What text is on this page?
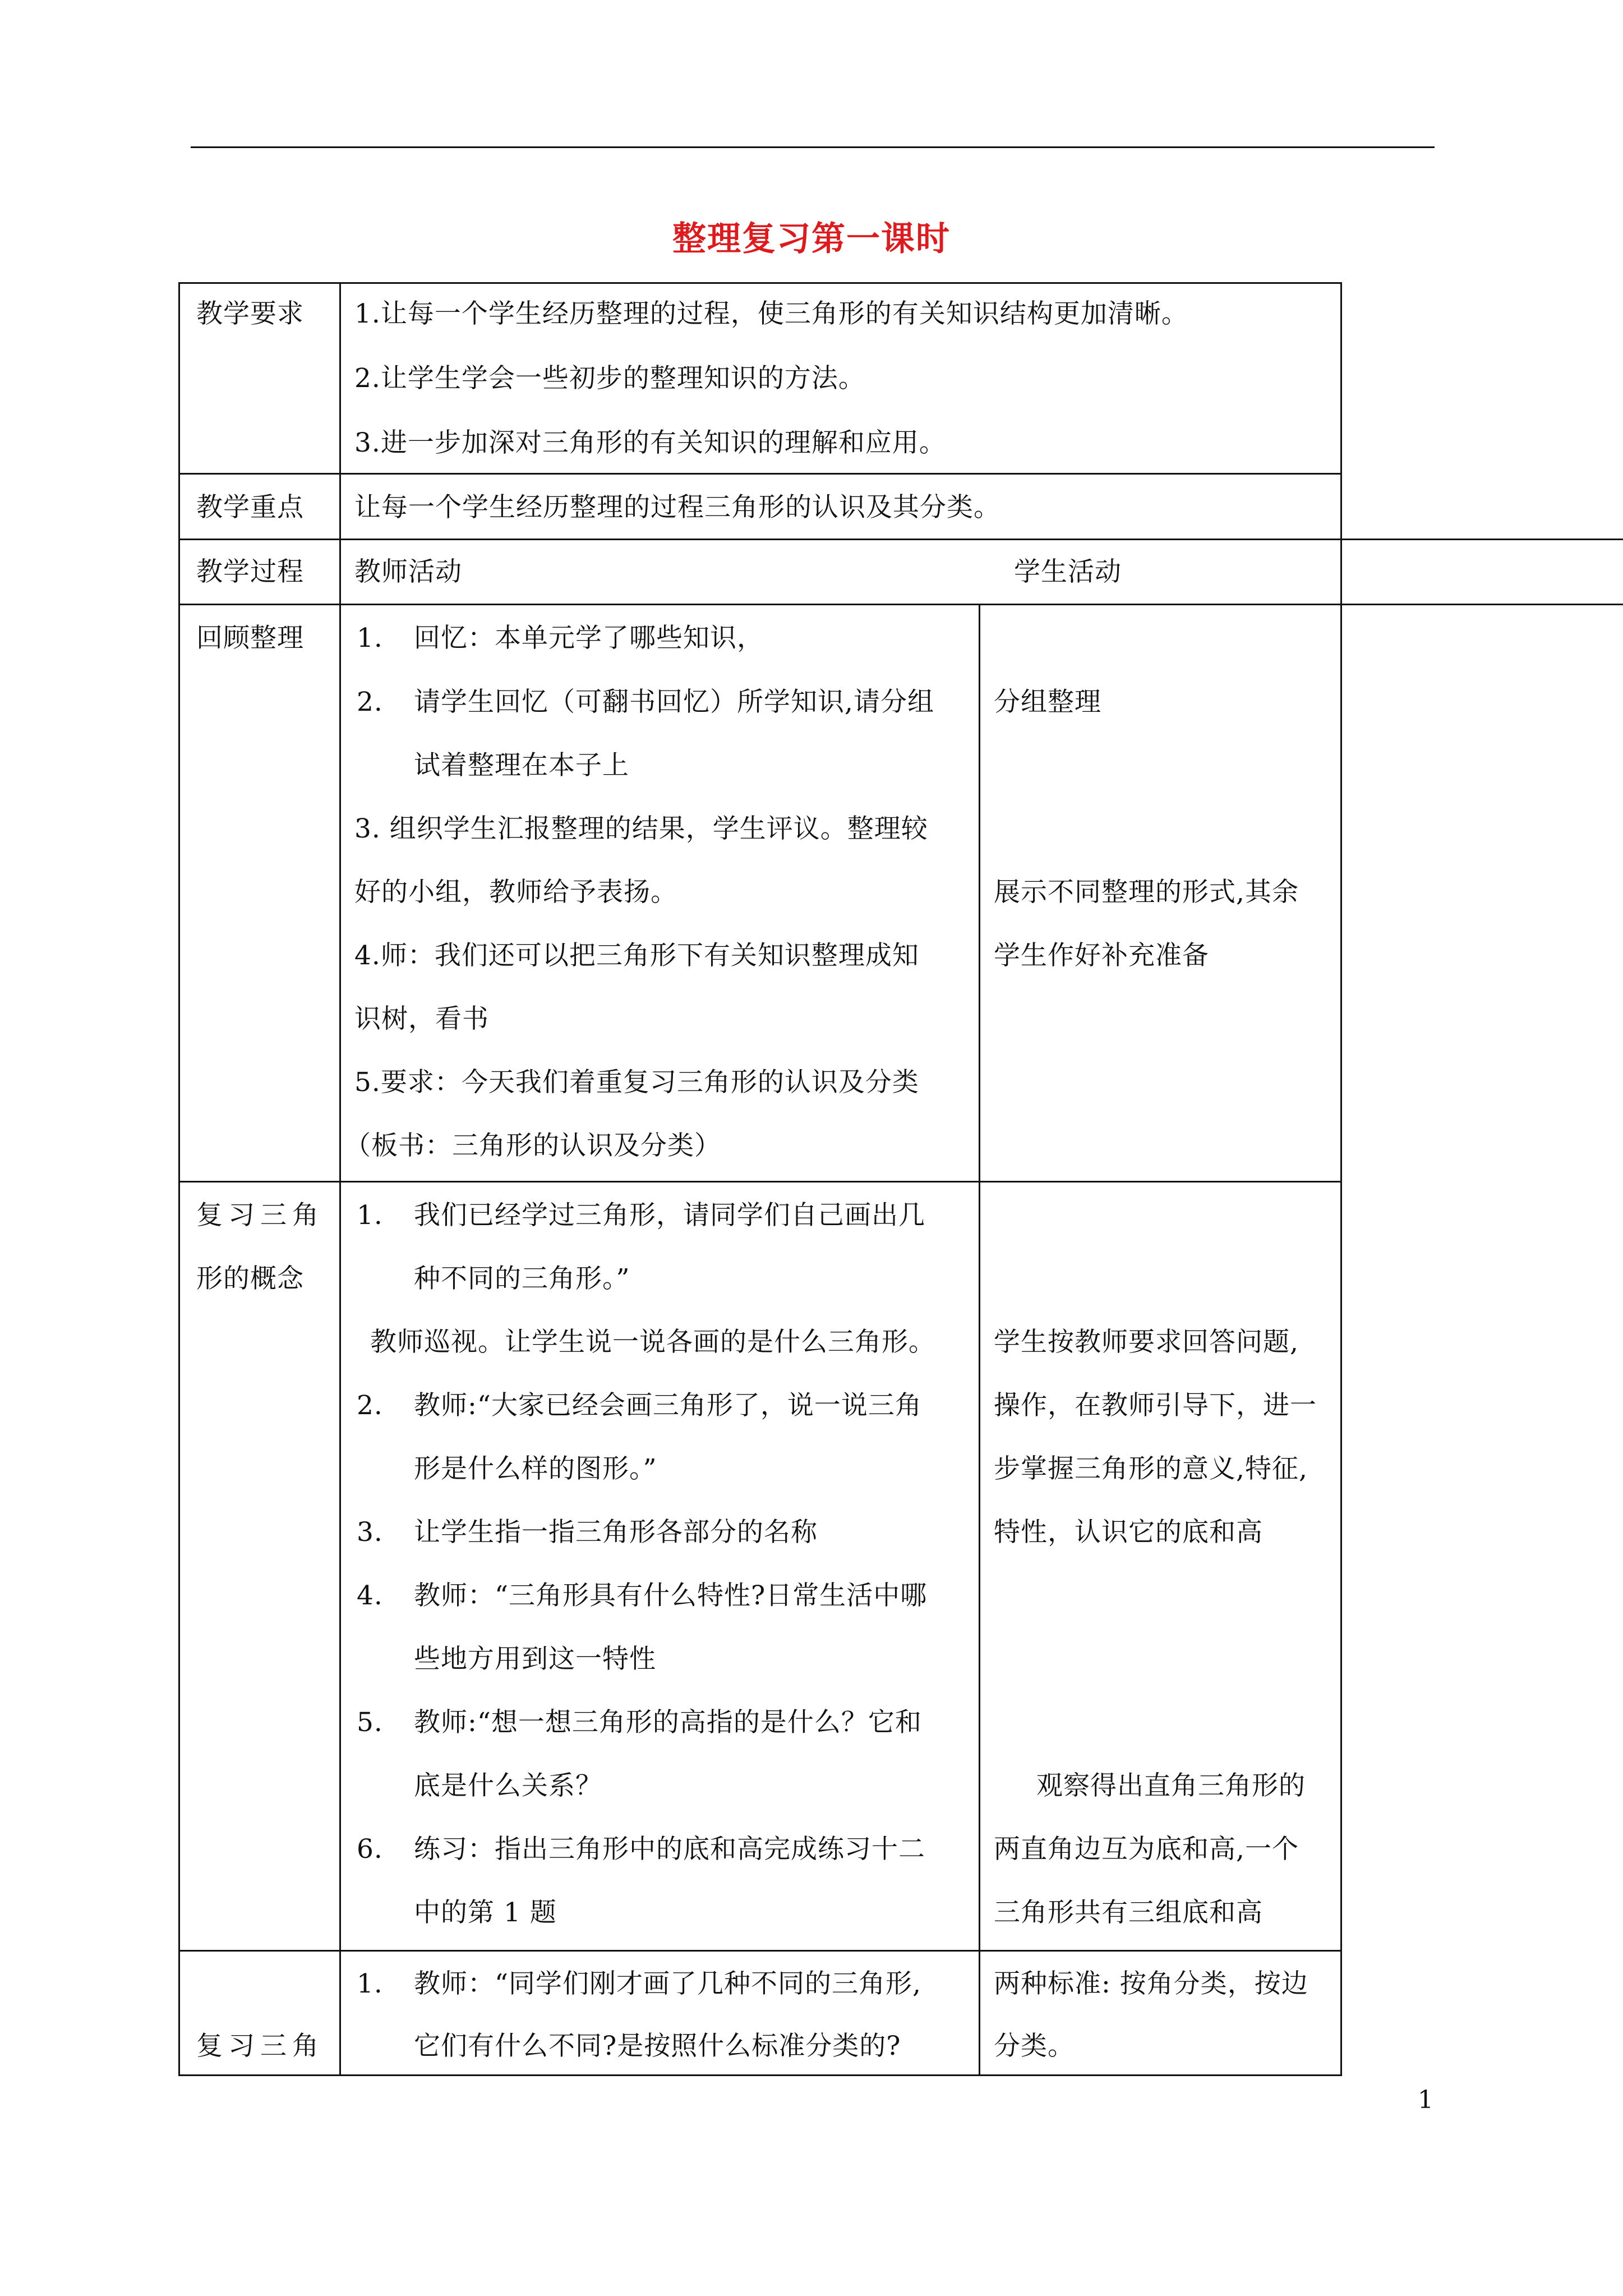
整理复习第一课时
教学要求 1.让每一个学生经历整理的过程，使三角形的有关知识结构更加清晰。
2.让学生学会一些初步的整理知识的方法。
3.进一步加深对三角形的有关知识的理解和应用。
教学重点 让每一个学生经历整理的过程三角形的认识及其分类。
教学过程 教师活动	学生活动
回顾整理 1. 回忆：本单元学了哪些知识，
2. 请学生回忆（可翻书回忆）所学知识,请分组
试着整理在本子上
3. 组织学生汇报整理的结果，学生评议。整理较
好的小组，教师给予表扬。
4.师：我们还可以把三角形下有关知识整理成知
识树，看书
5.要求：今天我们着重复习三角形的认识及分类
（板书：三角形的认识及分类）
分组整理
展示不同整理的形式,其余
学生作好补充准备
复习三角
形的概念
1. 我们已经学过三角形，请同学们自己画出几
种不同的三角形。”
教师巡视。让学生说一说各画的是什么三角形。
2. 教师:“大家已经会画三角形了，说一说三角
形是什么样的图形。”
3. 让学生指一指三角形各部分的名称
4. 教师：“三角形具有什么特性?日常生活中哪
些地方用到这一特性
5. 教师:“想一想三角形的高指的是什么？它和
底是什么关系？
6. 练习：指出三角形中的底和高完成练习十二
中的第 1 题
学生按教师要求回答问题,
操作，在教师引导下，进一
步掌握三角形的意义,特征,
特性，认识它的底和高
观察得出直角三角形的
两直角边互为底和高,一个
三角形共有三组底和高
复习三角
1. 教师：“同学们刚才画了几种不同的三角形,
它们有什么不同?是按照什么标准分类的?
两种标准: 按角分类，按边
分类。
1
